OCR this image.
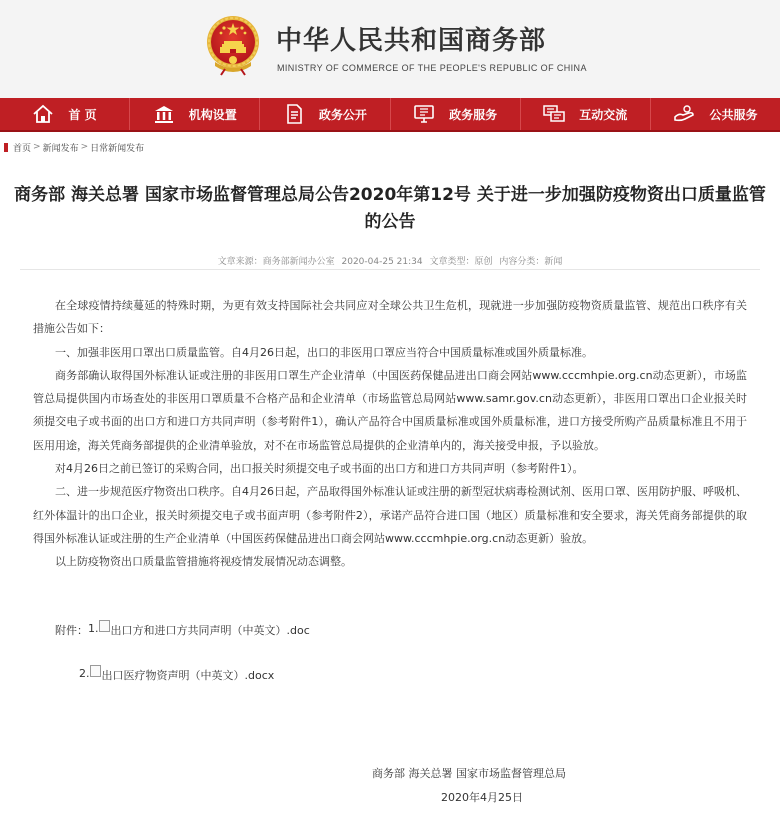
中华人民共和国商务部
MINISTRY OF COMMERCE OF THE PEOPLE'S REPUBLIC OF CHINA
首 页	机构设置	政务公开	政务服务	互动交流	公共服务
首页 > 新闻发布 > 日常新闻发布
商务部 海关总署 国家市场监督管理总局公告2020年第12号 关于进一步加强防疫物资出口质量监管的公告
文章来源：商务部新闻办公室 2020-04-25 21:34 文章类型：原创 内容分类：新闻

在全球疫情持续蔓延的特殊时期，为更有效支持国际社会共同应对全球公共卫生危机，现就进一步加强防疫物资质量监管、规范出口秩序有关措施公告如下：

一、加强非医用口罩出口质量监管。自4月26日起，出口的非医用口罩应当符合中国质量标准或国外质量标准。

商务部确认取得国外标准认证或注册的非医用口罩生产企业清单（中国医药保健品进出口商会网站www.cccmhpie.org.cn动态更新），市场监管总局提供国内市场查处的非医用口罩质量不合格产品和企业清单（市场监管总局网站www.samr.gov.cn动态更新），非医用口罩出口企业报关时须提交电子或书面的出口方和进口方共同声明（参考附件1），确认产品符合中国质量标准或国外质量标准，进口方接受所购产品质量标准且不用于医用用途，海关凭商务部提供的企业清单验放，对不在市场监管总局提供的企业清单内的，海关接受申报，予以验放。

对4月26日之前已签订的采购合同，出口报关时须提交电子或书面的出口方和进口方共同声明（参考附件1）。

二、进一步规范医疗物资出口秩序。自4月26日起，产品取得国外标准认证或注册的新型冠状病毒检测试剂、医用口罩、医用防护服、呼吸机、红外体温计的出口企业，报关时须提交电子或书面声明（参考附件2），承诺产品符合进口国（地区）质量标准和安全要求，海关凭商务部提供的取得国外标准认证或注册的生产企业清单（中国医药保健品进出口商会网站www.cccmhpie.org.cn动态更新）验放。

以上防疫物资出口质量监管措施将视疫情发展情况动态调整。

附件： 1. 出口方和进口方共同声明（中英文）.doc
2. 出口医疗物资声明（中英文）.docx
商务部 海关总署 国家市场监督管理总局
2020年4月25日
